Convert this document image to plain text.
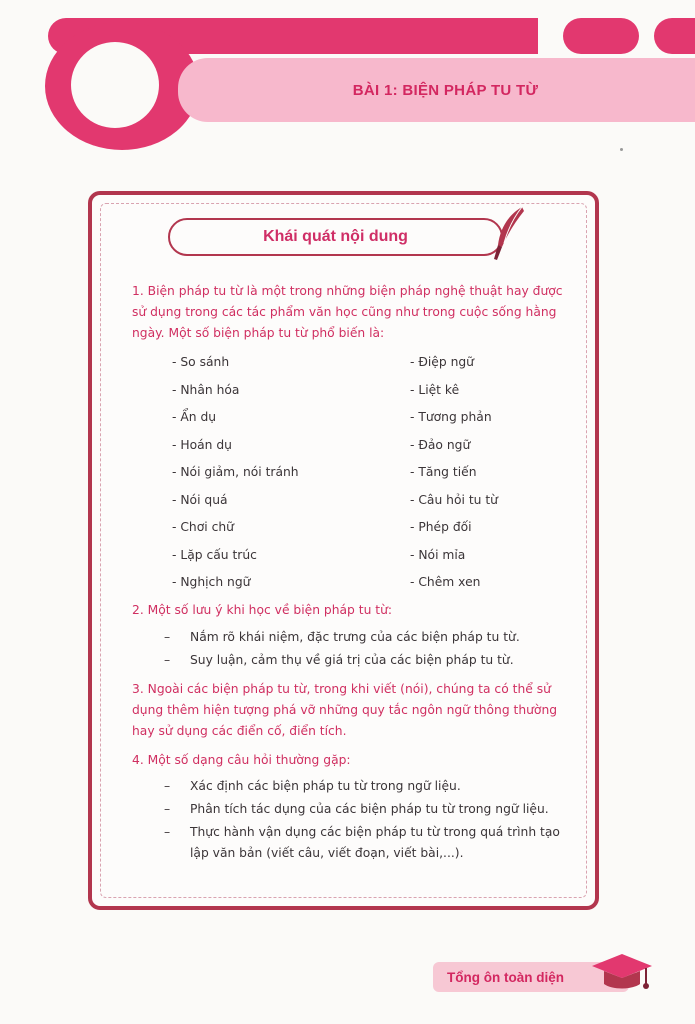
BÀI 1: BIỆN PHÁP TU TỪ
Khái quát nội dung
1. Biện pháp tu từ là một trong những biện pháp nghệ thuật hay được sử dụng trong các tác phẩm văn học cũng như trong cuộc sống hằng ngày. Một số biện pháp tu từ phổ biến là:
- So sánh
- Nhân hóa
- Ẩn dụ
- Hoán dụ
- Nói giảm, nói tránh
- Nói quá
- Chơi chữ
- Lặp cấu trúc
- Nghịch ngữ
- Điệp ngữ
- Liệt kê
- Tương phản
- Đảo ngữ
- Tăng tiến
- Câu hỏi tu từ
- Phép đối
- Nói mỉa
- Chêm xen
2. Một số lưu ý khi học về biện pháp tu từ:
– Nắm rõ khái niệm, đặc trưng của các biện pháp tu từ.
– Suy luận, cảm thụ về giá trị của các biện pháp tu từ.
3. Ngoài các biện pháp tu từ, trong khi viết (nói), chúng ta có thể sử dụng thêm hiện tượng phá vỡ những quy tắc ngôn ngữ thông thường hay sử dụng các điển cố, điển tích.
4. Một số dạng câu hỏi thường gặp:
– Xác định các biện pháp tu từ trong ngữ liệu.
– Phân tích tác dụng của các biện pháp tu từ trong ngữ liệu.
– Thực hành vận dụng các biện pháp tu từ trong quá trình tạo lập văn bản (viết câu, viết đoạn, viết bài,...).
Tổng ôn toàn diện
